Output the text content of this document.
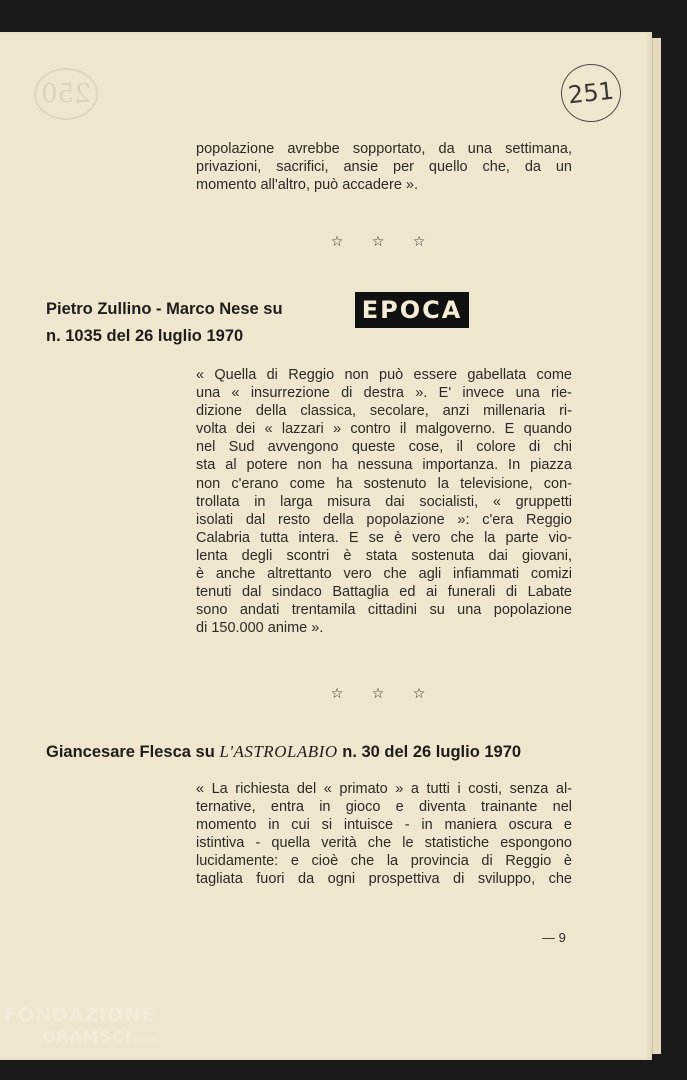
250	251
popolazione avrebbe sopportato, da una settimana,
privazioni, sacrifici, ansie per quello che, da un
momento all'altro, può accadere ».
☆ ☆ ☆
Pietro Zullino - Marco Nese su	EPOCA
n. 1035 del 26 luglio 1970
« Quella di Reggio non può essere gabellata come
una « insurrezione di destra ». E' invece una rie-
dizione della classica, secolare, anzi millenaria ri-
volta dei « lazzari » contro il malgoverno. E quando
nel Sud avvengono queste cose, il colore di chi
sta al potere non ha nessuna importanza. In piazza
non c'erano come ha sostenuto la televisione, con-
trollata in larga misura dai socialisti, « gruppetti
isolati dal resto della popolazione »: c'era Reggio
Calabria tutta intera. E se è vero che la parte vio-
lenta degli scontri è stata sostenuta dai giovani,
è anche altrettanto vero che agli infiammati comizi
tenuti dal sindaco Battaglia ed ai funerali di Labate
sono andati trentamila cittadini su una popolazione
di 150.000 anime ».
☆ ☆ ☆
Giancesare Flesca su L'ASTROLABIO n. 30 del 26 luglio 1970
« La richiesta del « primato » a tutti i costi, senza al-
ternative, entra in gioco e diventa trainante nel
momento in cui si intuisce - in maniera oscura e
istintiva - quella verità che le statistiche espongono
lucidamente: e cioè che la provincia di Reggio è
tagliata fuori da ogni prospettiva di sviluppo, che
— 9
FONDAZIONE
GRAMSCI onlus
